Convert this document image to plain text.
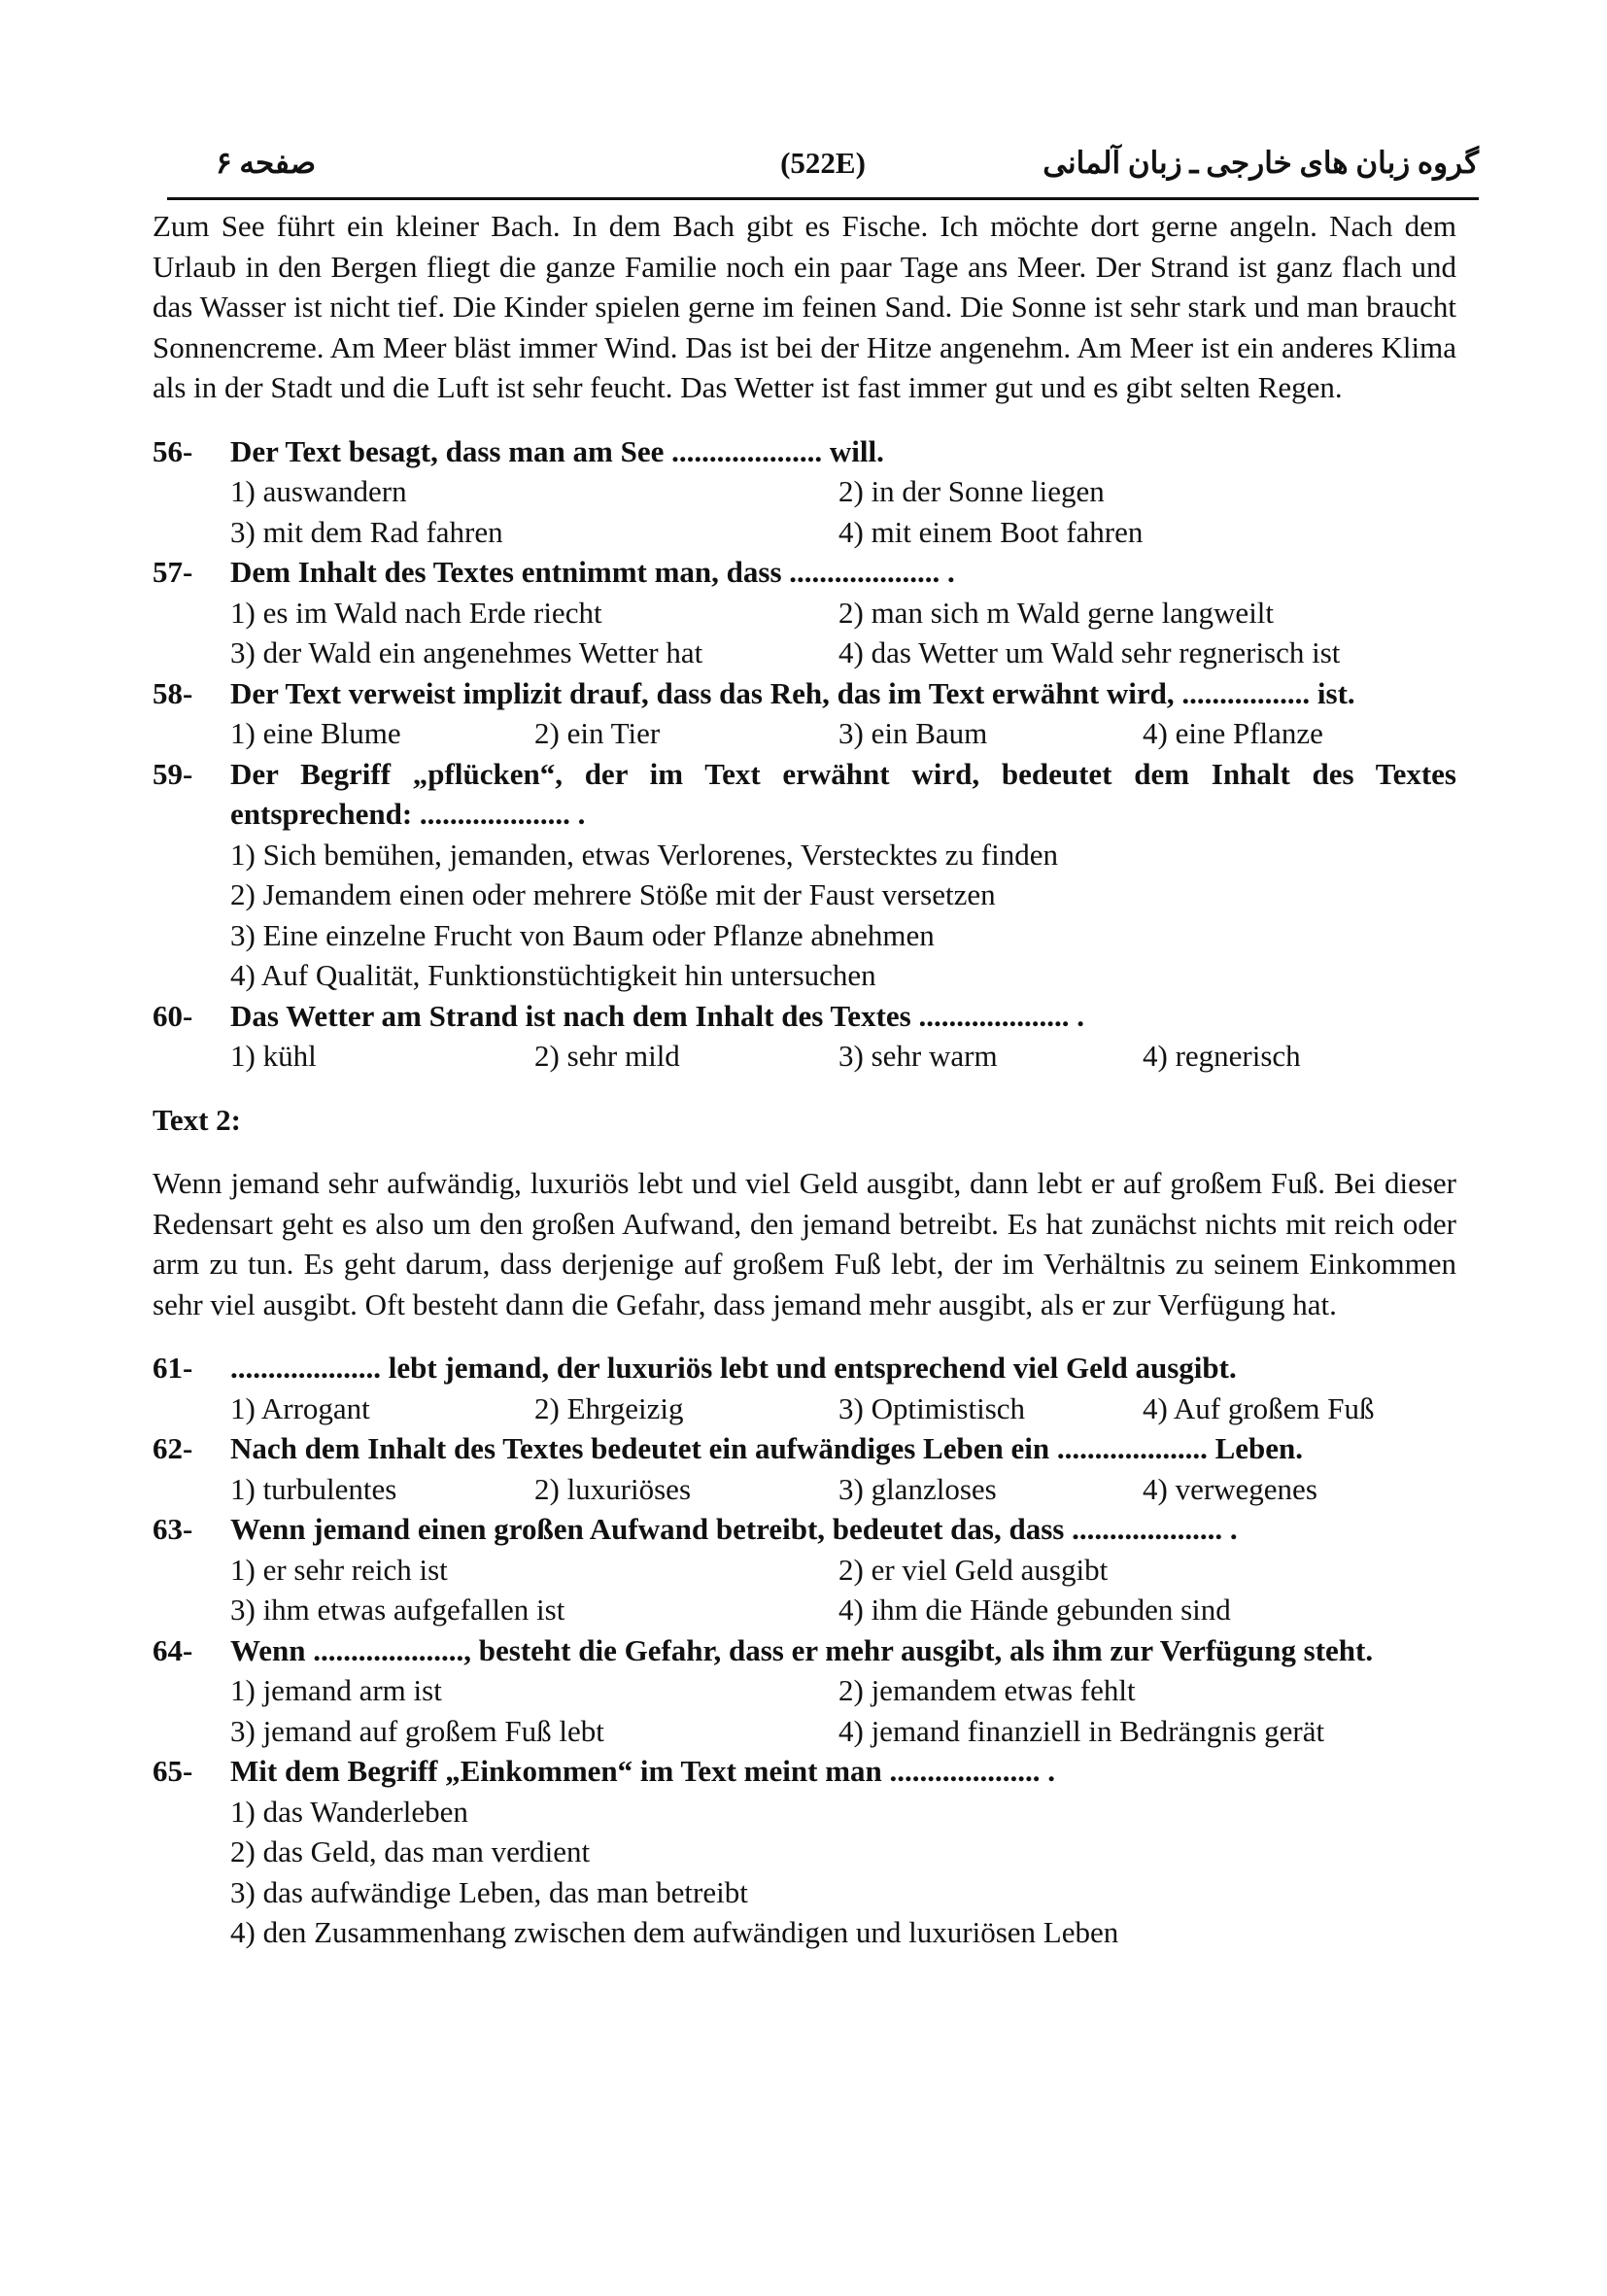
گروه زبان های خارجی ـ زبان آلمانی
(522E)
صفحه ۶

Zum See führt ein kleiner Bach. In dem Bach gibt es Fische. Ich möchte dort gerne angeln. Nach dem Urlaub in den Bergen fliegt die ganze Familie noch ein paar Tage ans Meer. Der Strand ist ganz flach und das Wasser ist nicht tief. Die Kinder spielen gerne im feinen Sand. Die Sonne ist sehr stark und man braucht Sonnencreme. Am Meer bläst immer Wind. Das ist bei der Hitze angenehm. Am Meer ist ein anderes Klima als in der Stadt und die Luft ist sehr feucht. Das Wetter ist fast immer gut und es gibt selten Regen.

56- Der Text besagt, dass man am See .................... will.
1) auswandern	2) in der Sonne liegen
3) mit dem Rad fahren	4) mit einem Boot fahren
57- Dem Inhalt des Textes entnimmt man, dass .................... .
1) es im Wald nach Erde riecht	2) man sich m Wald gerne langweilt
3) der Wald ein angenehmes Wetter hat	4) das Wetter um Wald sehr regnerisch ist
58- Der Text verweist implizit drauf, dass das Reh, das im Text erwähnt wird, ................. ist.
1) eine Blume	2) ein Tier	3) ein Baum	4) eine Pflanze
59- Der Begriff „pflücken“, der im Text erwähnt wird, bedeutet dem Inhalt des Textes entsprechend: .................... .
1) Sich bemühen, jemanden, etwas Verlorenes, Verstecktes zu finden
2) Jemandem einen oder mehrere Stöße mit der Faust versetzen
3) Eine einzelne Frucht von Baum oder Pflanze abnehmen
4) Auf Qualität, Funktionstüchtigkeit hin untersuchen
60- Das Wetter am Strand ist nach dem Inhalt des Textes .................... .
1) kühl	2) sehr mild	3) sehr warm	4) regnerisch

Text 2:

Wenn jemand sehr aufwändig, luxuriös lebt und viel Geld ausgibt, dann lebt er auf großem Fuß. Bei dieser Redensart geht es also um den großen Aufwand, den jemand betreibt. Es hat zunächst nichts mit reich oder arm zu tun. Es geht darum, dass derjenige auf großem Fuß lebt, der im Verhältnis zu seinem Einkommen sehr viel ausgibt. Oft besteht dann die Gefahr, dass jemand mehr ausgibt, als er zur Verfügung hat.

61- .................... lebt jemand, der luxuriös lebt und entsprechend viel Geld ausgibt.
1) Arrogant	2) Ehrgeizig	3) Optimistisch	4) Auf großem Fuß
62- Nach dem Inhalt des Textes bedeutet ein aufwändiges Leben ein .................... Leben.
1) turbulentes	2) luxuriöses	3) glanzloses	4) verwegenes
63- Wenn jemand einen großen Aufwand betreibt, bedeutet das, dass .................... .
1) er sehr reich ist	2) er viel Geld ausgibt
3) ihm etwas aufgefallen ist	4) ihm die Hände gebunden sind
64- Wenn ...................., besteht die Gefahr, dass er mehr ausgibt, als ihm zur Verfügung steht.
1) jemand arm ist	2) jemandem etwas fehlt
3) jemand auf großem Fuß lebt	4) jemand finanziell in Bedrängnis gerät
65- Mit dem Begriff „Einkommen“ im Text meint man .................... .
1) das Wanderleben
2) das Geld, das man verdient
3) das aufwändige Leben, das man betreibt
4) den Zusammenhang zwischen dem aufwändigen und luxuriösen Leben
